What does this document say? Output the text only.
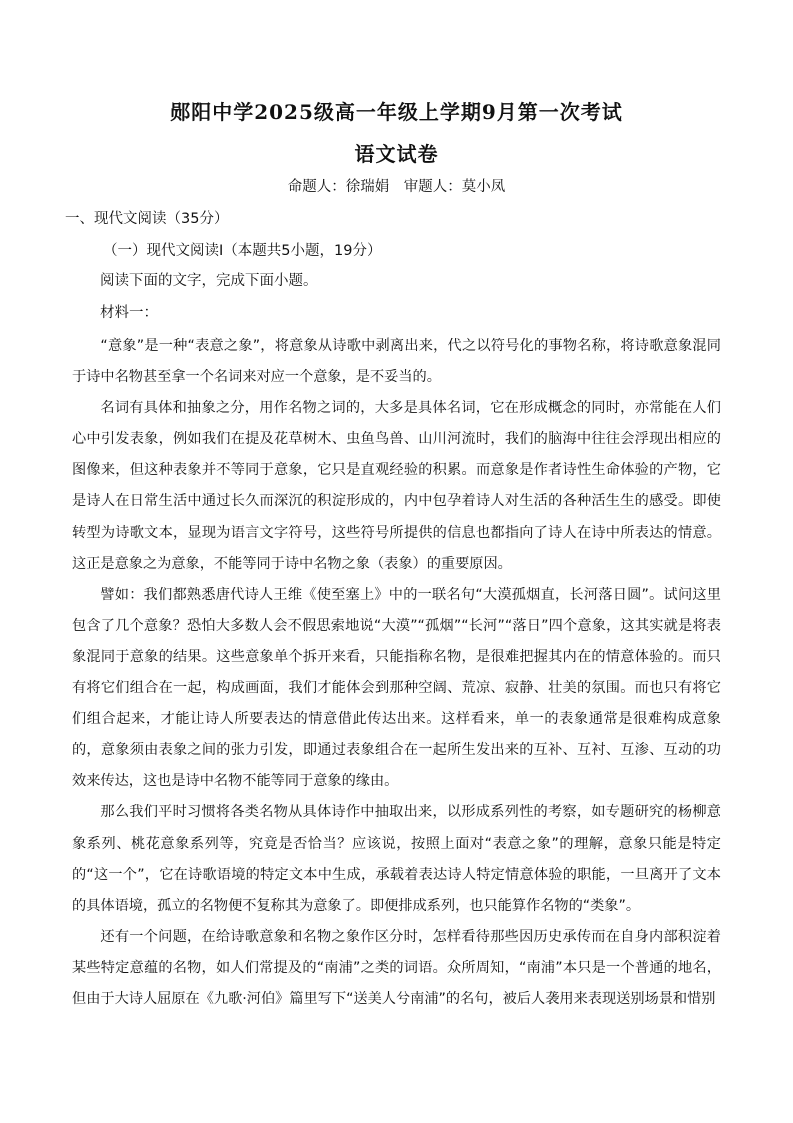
郧阳中学2025级高一年级上学期9月第一次考试
语文试卷
命题人：徐瑞娟　审题人：莫小凤
一、现代文阅读（35分）
（一）现代文阅读Ⅰ（本题共5小题，19分）
阅读下面的文字，完成下面小题。
材料一：

“意象”是一种“表意之象”，将意象从诗歌中剥离出来，代之以符号化的事物名称，将诗歌意象混同于诗中名物甚至拿一个名词来对应一个意象，是不妥当的。

名词有具体和抽象之分，用作名物之词的，大多是具体名词，它在形成概念的同时，亦常能在人们心中引发表象，例如我们在提及花草树木、虫鱼鸟兽、山川河流时，我们的脑海中往往会浮现出相应的图像来，但这种表象并不等同于意象，它只是直观经验的积累。而意象是作者诗性生命体验的产物，它是诗人在日常生活中通过长久而深沉的积淀形成的，内中包孕着诗人对生活的各种活生生的感受。即使转型为诗歌文本，显现为语言文字符号，这些符号所提供的信息也都指向了诗人在诗中所表达的情意。这正是意象之为意象，不能等同于诗中名物之象（表象）的重要原因。

譬如：我们都熟悉唐代诗人王维《使至塞上》中的一联名句“大漠孤烟直，长河落日圆”。试问这里包含了几个意象？恐怕大多数人会不假思索地说“大漠”“孤烟”“长河”“落日”四个意象，这其实就是将表象混同于意象的结果。这些意象单个拆开来看，只能指称名物，是很难把握其内在的情意体验的。而只有将它们组合在一起，构成画面，我们才能体会到那种空阔、荒凉、寂静、壮美的氛围。而也只有将它们组合起来，才能让诗人所要表达的情意借此传达出来。这样看来，单一的表象通常是很难构成意象的，意象须由表象之间的张力引发，即通过表象组合在一起所生发出来的互补、互衬、互渗、互动的功效来传达，这也是诗中名物不能等同于意象的缘由。

那么我们平时习惯将各类名物从具体诗作中抽取出来，以形成系列性的考察，如专题研究的杨柳意象系列、桃花意象系列等，究竟是否恰当？应该说，按照上面对“表意之象”的理解，意象只能是特定的“这一个”，它在诗歌语境的特定文本中生成，承载着表达诗人特定情意体验的职能，一旦离开了文本的具体语境，孤立的名物便不复称其为意象了。即便排成系列，也只能算作名物的“类象”。

还有一个问题，在给诗歌意象和名物之象作区分时，怎样看待那些因历史承传而在自身内部积淀着某些特定意蕴的名物，如人们常提及的“南浦”之类的词语。众所周知，“南浦”本只是一个普通的地名，但由于大诗人屈原在《九歌·河伯》篇里写下“送美人兮南浦”的名句，被后人袭用来表现送别场景和惜别
